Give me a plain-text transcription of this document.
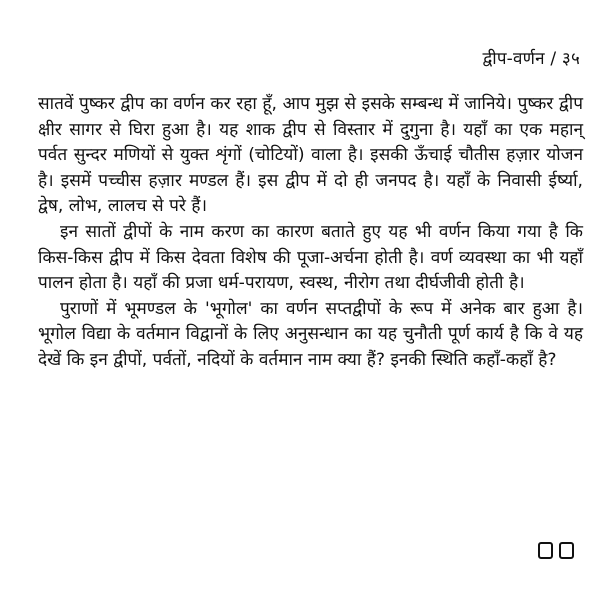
द्वीप-वर्णन / ३५

सातवें पुष्कर द्वीप का वर्णन कर रहा हूँ, आप मुझ से इसके सम्बन्ध में जानिये। पुष्कर द्वीप क्षीर सागर से घिरा हुआ है। यह शाक द्वीप से विस्तार में दुगुना है। यहाँ का एक महान् पर्वत सुन्दर मणियों से युक्त शृंगों (चोटियों) वाला है। इसकी ऊँचाई चौतीस हज़ार योजन है। इसमें पच्चीस हज़ार मण्डल हैं। इस द्वीप में दो ही जनपद है। यहाँ के निवासी ईर्ष्या, द्वेष, लोभ, लालच से परे हैं।

इन सातों द्वीपों के नाम करण का कारण बताते हुए यह भी वर्णन किया गया है कि किस-किस द्वीप में किस देवता विशेष की पूजा-अर्चना होती है। वर्ण व्यवस्था का भी यहाँ पालन होता है। यहाँ की प्रजा धर्म-परायण, स्वस्थ, नीरोग तथा दीर्घजीवी होती है।

पुराणों में भूमण्डल के 'भूगोल' का वर्णन सप्तद्वीपों के रूप में अनेक बार हुआ है। भूगोल विद्या के वर्तमान विद्वानों के लिए अनुसन्धान का यह चुनौती पूर्ण कार्य है कि वे यह देखें कि इन द्वीपों, पर्वतों, नदियों के वर्तमान नाम क्या हैं? इनकी स्थिति कहाँ-कहाँ है?
